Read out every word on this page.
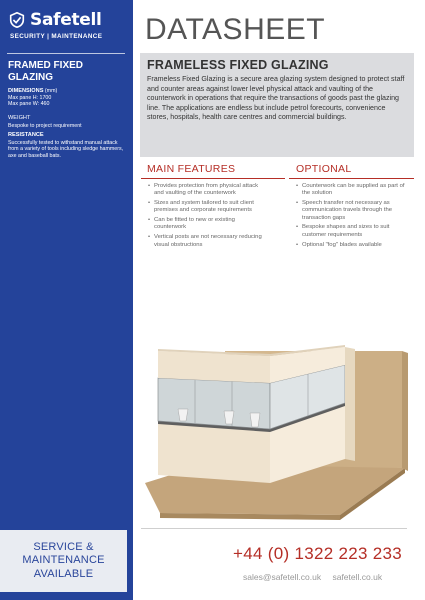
Safetell
SECURITY | MAINTENANCE
FRAMED FIXED GLAZING
DIMENSIONS (mm)
Max pane H: 1700
Max pane W: 460
WEIGHT
Bespoke to project requirement
RESISTANCE
Successfully tested to withstand manual attack from a variety of tools including sledge hammers, axe and baseball bats.
SERVICE &
MAINTENANCE
AVAILABLE
DATASHEET
FRAMELESS FIXED GLAZING

Frameless Fixed Glazing is a secure area glazing system designed to protect staff and counter areas against lower level physical attack and vaulting of the counterwork in operations that require the transactions of goods past the glazing line. The applications are endless but include petrol forecourts, convenience stores, hospitals, health care centres and commercial buildings.

MAIN FEATURES
• Provides protection from physical attack and vaulting of the counterwork
• Sizes and system tailored to suit client premises and corporate requirements
• Can be fitted to new or existing counterwork
• Vertical posts are not necessary reducing visual obstructions
OPTIONAL
• Counterwork can be supplied as part of the solution
• Speech transfer not necessary as communication travels through the transaction gaps
• Bespoke shapes and sizes to suit customer requirements
• Optional "fog" blades available
+44 (0) 1322 223 233
sales@safetell.co.uk safetell.co.uk
